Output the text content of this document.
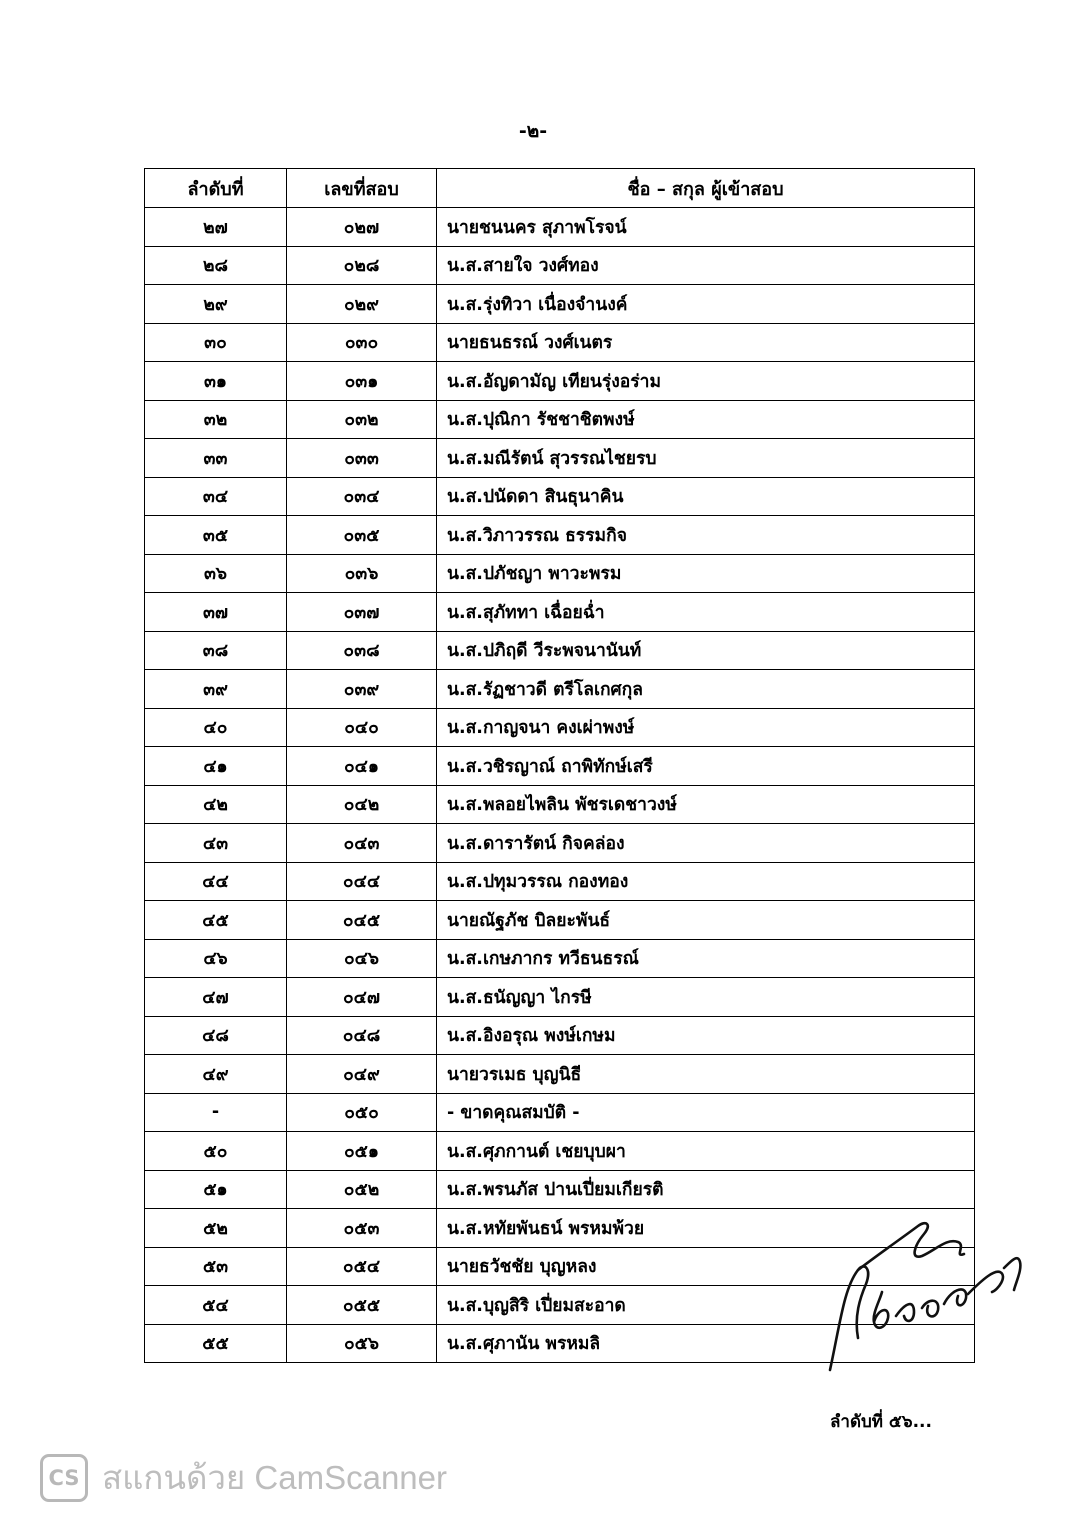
-๒-
ลำดับที่	เลขที่สอบ	ชื่อ – สกุล ผู้เข้าสอบ
๒๗	๐๒๗	นายชนนคร สุภาพโรจน์
๒๘	๐๒๘	น.ส.สายใจ วงศ์ทอง
๒๙	๐๒๙	น.ส.รุ่งทิวา เนื่องจำนงค์
๓๐	๐๓๐	นายธนธรณ์ วงศ์เนตร
๓๑	๐๓๑	น.ส.อัญดามัญ เทียนรุ่งอร่าม
๓๒	๐๓๒	น.ส.ปุณิกา รัชชาชิตพงษ์
๓๓	๐๓๓	น.ส.มณีรัตน์ สุวรรณไชยรบ
๓๔	๐๓๔	น.ส.ปนัดดา สินธุนาคิน
๓๕	๐๓๕	น.ส.วิภาวรรณ ธรรมกิจ
๓๖	๐๓๖	น.ส.ปภัชญา พาวะพรม
๓๗	๐๓๗	น.ส.สุภัททา เฉื่อยฉ่ำ
๓๘	๐๓๘	น.ส.ปภิฤดี วีระพจนานันท์
๓๙	๐๓๙	น.ส.รัฏชาวดี ตรีโลเกศกุล
๔๐	๐๔๐	น.ส.กาญจนา คงเผ่าพงษ์
๔๑	๐๔๑	น.ส.วชิรญาณ์ ถาพิทักษ์เสรี
๔๒	๐๔๒	น.ส.พลอยไพลิน พัชรเดชาวงษ์
๔๓	๐๔๓	น.ส.ดารารัตน์ กิจคล่อง
๔๔	๐๔๔	น.ส.ปทุมวรรณ กองทอง
๔๕	๐๔๕	นายณัฐภัช บิลยะพันธ์
๔๖	๐๔๖	น.ส.เกษภากร ทวีธนธรณ์
๔๗	๐๔๗	น.ส.ธนัญญา ไกรษี
๔๘	๐๔๘	น.ส.อิงอรุณ พงษ์เกษม
๔๙	๐๔๙	นายวรเมธ บุญนิธี
-	๐๕๐	- ขาดคุณสมบัติ -
๕๐	๐๕๑	น.ส.ศุภกานต์ เชยบุบผา
๕๑	๐๕๒	น.ส.พรนภัส ปานเปี่ยมเกียรติ
๕๒	๐๕๓	น.ส.หทัยพันธน์ พรหมพ้วย
๕๓	๐๕๔	นายธวัชชัย บุญหลง
๕๔	๐๕๕	น.ส.บุญสิริ เปี่ยมสะอาด
๕๕	๐๕๖	น.ส.ศุภานัน พรหมลิ
8 ก.ค. 64
ลำดับที่ ๕๖...
CS สแกนด้วย CamScanner
